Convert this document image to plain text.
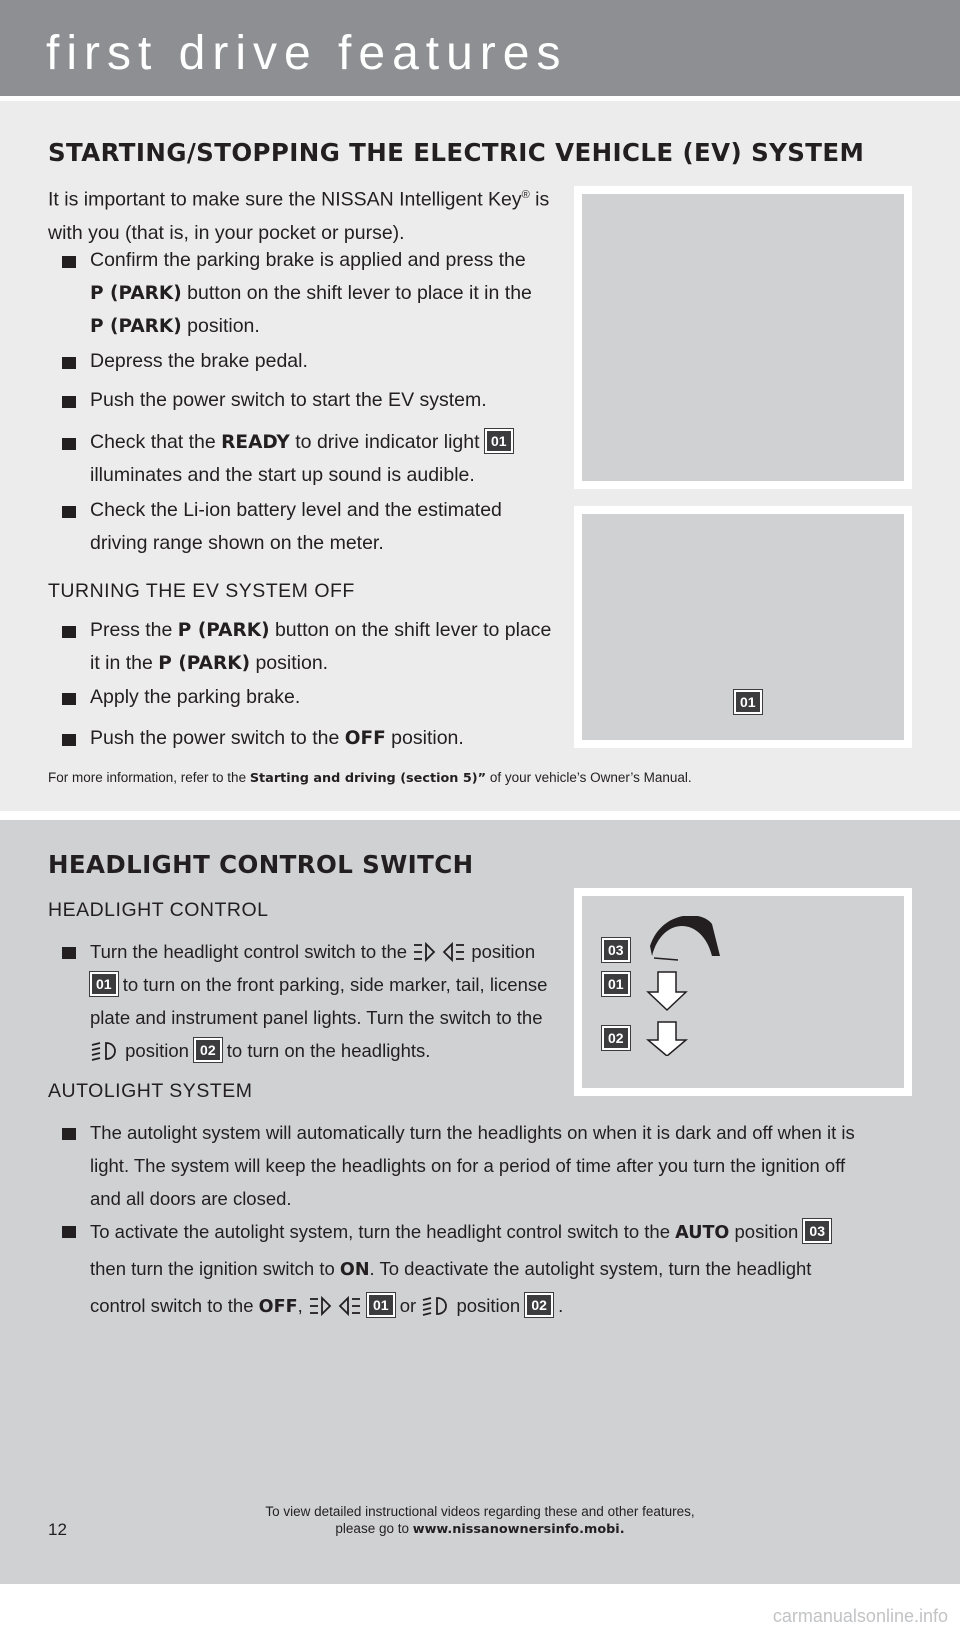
first drive features
STARTING/STOPPING THE ELECTRIC VEHICLE (EV) SYSTEM
It is important to make sure the NISSAN Intelligent Key® is
with you (that is, in your pocket or purse).
Confirm the parking brake is applied and press the
P (PARK) button on the shift lever to place it in the
P (PARK) position.
Depress the brake pedal.
Push the power switch to start the EV system.
Check that the READY to drive indicator light 01
illuminates and the start up sound is audible.
Check the Li-ion battery level and the estimated
driving range shown on the meter.
TURNING THE EV SYSTEM OFF
Press the P (PARK) button on the shift lever to place
it in the P (PARK) position.
Apply the parking brake.
Push the power switch to the OFF position.
For more information, refer to the Starting and driving (section 5)” of your vehicle’s Owner’s Manual.
01
HEADLIGHT CONTROL SWITCH
HEADLIGHT CONTROL
Turn the headlight control switch to the	position
01 to turn on the front parking, side marker, tail, license
plate and instrument panel lights. Turn the switch to the
position 02 to turn on the headlights.
03
01
02
AUTOLIGHT SYSTEM
The autolight system will automatically turn the headlights on when it is dark and off when it is
light. The system will keep the headlights on for a period of time after you turn the ignition off
and all doors are closed.
To activate the autolight system, turn the headlight control switch to the AUTO position 03
then turn the ignition switch to ON. To deactivate the autolight system, turn the headlight
control switch to the OFF,	01 or  position 02 .
To view detailed instructional videos regarding these and other features,
please go to www.nissanownersinfo.mobi.
12
carmanualsonline.info
